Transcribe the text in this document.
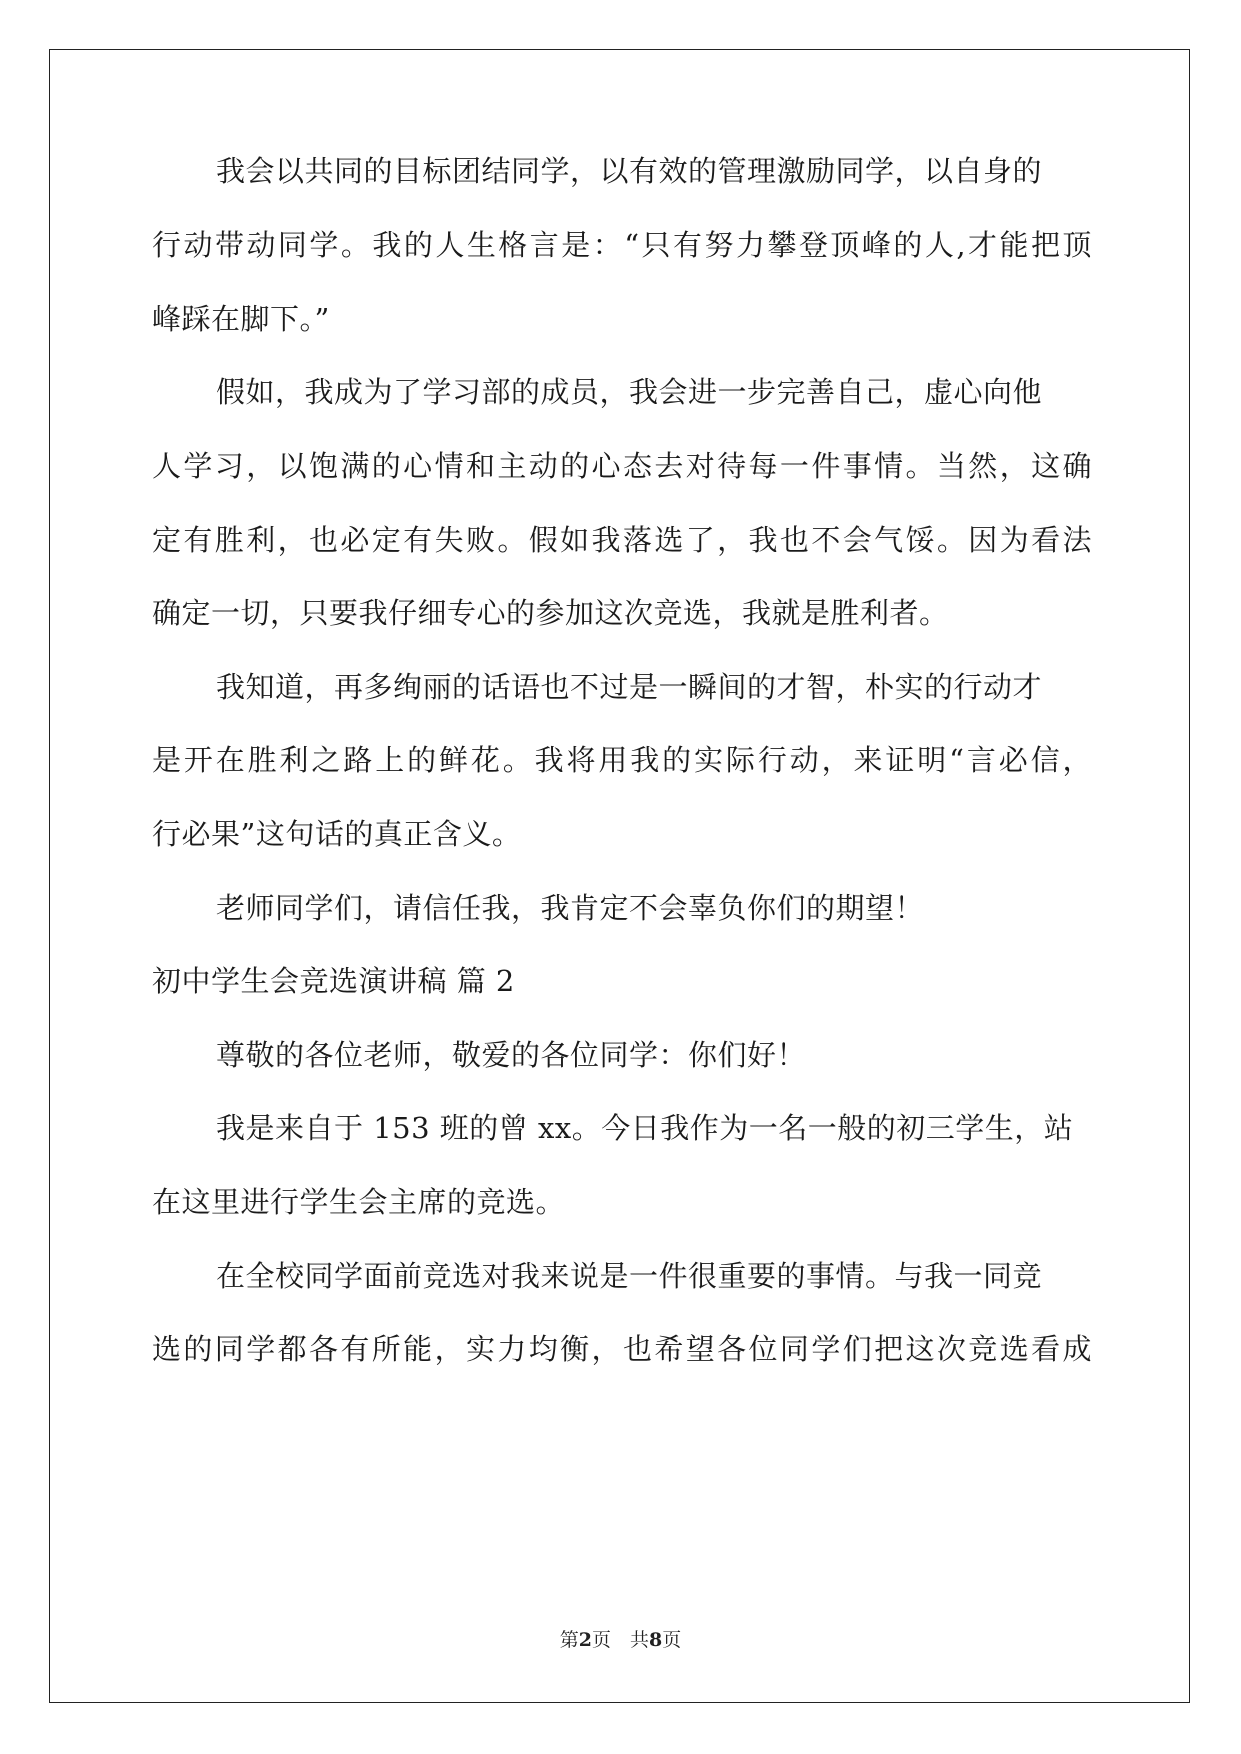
我会以共同的目标团结同学，以有效的管理激励同学，以自身的
行动带动同学。我的人生格言是：“只有努力攀登顶峰的人,才能把顶
峰踩在脚下。”
假如，我成为了学习部的成员，我会进一步完善自己，虚心向他
人学习，以饱满的心情和主动的心态去对待每一件事情。当然，这确
定有胜利，也必定有失败。假如我落选了，我也不会气馁。因为看法
确定一切，只要我仔细专心的参加这次竞选，我就是胜利者。
我知道，再多绚丽的话语也不过是一瞬间的才智，朴实的行动才
是开在胜利之路上的鲜花。我将用我的实际行动，来证明“言必信，
行必果”这句话的真正含义。
老师同学们，请信任我，我肯定不会辜负你们的期望！
初中学生会竞选演讲稿 篇 2
尊敬的各位老师，敬爱的各位同学：你们好！
我是来自于 153 班的曾 xx。今日我作为一名一般的初三学生，站
在这里进行学生会主席的竞选。
在全校同学面前竞选对我来说是一件很重要的事情。与我一同竞
选的同学都各有所能，实力均衡，也希望各位同学们把这次竞选看成
第2页　共8页
